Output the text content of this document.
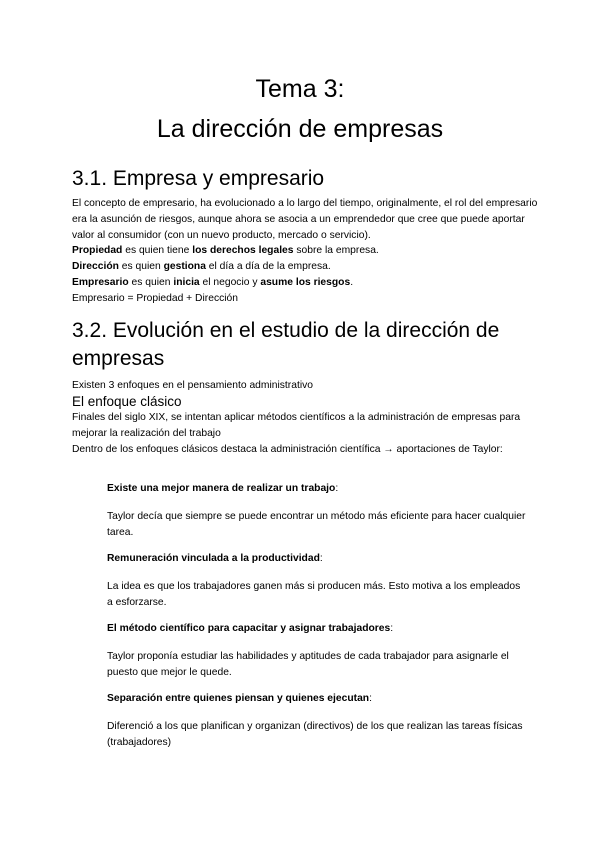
Tema 3:
La dirección de empresas
3.1. Empresa y empresario

El concepto de empresario, ha evolucionado a lo largo del tiempo, originalmente, el rol del empresario era la asunción de riesgos, aunque ahora se asocia a un emprendedor que cree que puede aportar valor al consumidor (con un nuevo producto, mercado o servicio).

Propiedad es quien tiene los derechos legales sobre la empresa.

Dirección es quien gestiona el día a día de la empresa.

Empresario es quien inicia el negocio y asume los riesgos.

Empresario = Propiedad + Dirección

3.2. Evolución en el estudio de la dirección de empresas

Existen 3 enfoques en el pensamiento administrativo

El enfoque clásico

Finales del siglo XIX, se intentan aplicar métodos científicos a la administración de empresas para mejorar la realización del trabajo

Dentro de los enfoques clásicos destaca la administración científica → aportaciones de Taylor:

Existe una mejor manera de realizar un trabajo:

Taylor decía que siempre se puede encontrar un método más eficiente para hacer cualquier tarea.

Remuneración vinculada a la productividad:

La idea es que los trabajadores ganen más si producen más. Esto motiva a los empleados a esforzarse.

El método científico para capacitar y asignar trabajadores:

Taylor proponía estudiar las habilidades y aptitudes de cada trabajador para asignarle el puesto que mejor le quede.

Separación entre quienes piensan y quienes ejecutan:

Diferenció a los que planifican y organizan (directivos) de los que realizan las tareas físicas (trabajadores)
